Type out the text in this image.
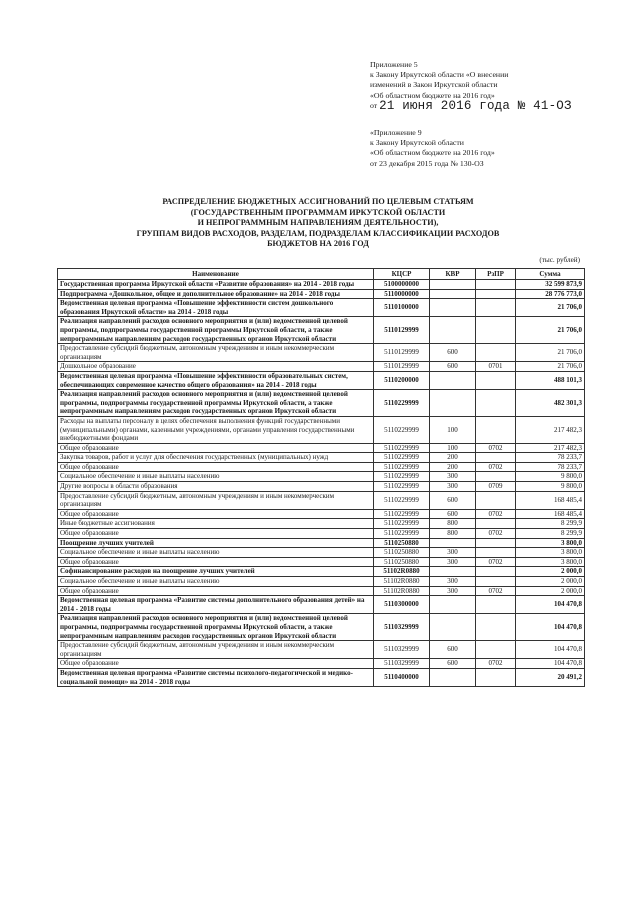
Приложение 5
к Закону Иркутской области «О внесении
изменений в Закон Иркутской области
«Об областном бюджете на 2016 год»
от 21 июня 2016 года № 41-ОЗ
«Приложение 9
к Закону Иркутской области
«Об областном бюджете на 2016 год»
от 23 декабря 2015 года № 130-ОЗ
РАСПРЕДЕЛЕНИЕ БЮДЖЕТНЫХ АССИГНОВАНИЙ ПО ЦЕЛЕВЫМ СТАТЬЯМ
(ГОСУДАРСТВЕННЫМ ПРОГРАММАМ ИРКУТСКОЙ ОБЛАСТИ
И НЕПРОГРАММНЫМ НАПРАВЛЕНИЯМ ДЕЯТЕЛЬНОСТИ),
ГРУППАМ ВИДОВ РАСХОДОВ, РАЗДЕЛАМ, ПОДРАЗДЕЛАМ КЛАССИФИКАЦИИ РАСХОДОВ
БЮДЖЕТОВ НА 2016 ГОД
(тыс. рублей)
Наименование	КЦСР	КВР	РзПР	Сумма
Государственная программа Иркутской области «Развитие образования» на 2014 - 2018 годы	5100000000			32 599 873,9
Подпрограмма «Дошкольное, общее и дополнительное образование» на 2014 - 2018 годы	5110000000			28 776 773,0
Ведомственная целевая программа «Повышение эффективности систем дошкольного образования Иркутской области» на 2014 - 2018 годы	5110100000			21 706,0
Реализация направлений расходов основного мероприятия и (или) ведомственной целевой программы, подпрограммы государственной программы Иркутской области, а также непрограммным направлениям расходов государственных органов Иркутской области	5110129999			21 706,0
Предоставление субсидий бюджетным, автономным учреждениям и иным некоммерческим организациям	5110129999	600		21 706,0
Дошкольное образование	5110129999	600	0701	21 706,0
Ведомственная целевая программа «Повышение эффективности образовательных систем, обеспечивающих современное качество общего образования» на 2014 - 2018 годы	5110200000			488 101,3
Реализация направлений расходов основного мероприятия и (или) ведомственной целевой программы, подпрограммы государственной программы Иркутской области, а также непрограммным направлениям расходов государственных органов Иркутской области	5110229999			482 301,3
Расходы на выплаты персоналу в целях обеспечения выполнения функций государственными (муниципальными) органами, казенными учреждениями, органами управления государственными внебюджетными фондами	5110229999	100		217 482,3
Общее образование	5110229999	100	0702	217 482,3
Закупка товаров, работ и услуг для обеспечения государственных (муниципальных) нужд	5110229999	200		78 233,7
Общее образование	5110229999	200	0702	78 233,7
Социальное обеспечение и иные выплаты населению	5110229999	300		9 800,0
Другие вопросы в области образования	5110229999	300	0709	9 800,0
Предоставление субсидий бюджетным, автономным учреждениям и иным некоммерческим организациям	5110229999	600		168 485,4
Общее образование	5110229999	600	0702	168 485,4
Иные бюджетные ассигнования	5110229999	800		8 299,9
Общее образование	5110229999	800	0702	8 299,9
Поощрение лучших учителей	5110250880			3 800,0
Социальное обеспечение и иные выплаты населению	5110250880	300		3 800,0
Общее образование	5110250880	300	0702	3 800,0
Софинансирование расходов на поощрение лучших учителей	51102R0880			2 000,0
Социальное обеспечение и иные выплаты населению	51102R0880	300		2 000,0
Общее образование	51102R0880	300	0702	2 000,0
Ведомственная целевая программа «Развитие системы дополнительного образования детей» на 2014 - 2018 годы	5110300000			104 470,8
Реализация направлений расходов основного мероприятия и (или) ведомственной целевой программы, подпрограммы государственной программы Иркутской области, а также непрограммным направлениям расходов государственных органов Иркутской области	5110329999			104 470,8
Предоставление субсидий бюджетным, автономным учреждениям и иным некоммерческим организациям	5110329999	600		104 470,8
Общее образование	5110329999	600	0702	104 470,8
Ведомственная целевая программа «Развитие системы психолого-педагогической и медико-социальной помощи» на 2014 - 2018 годы	5110400000			20 491,2
